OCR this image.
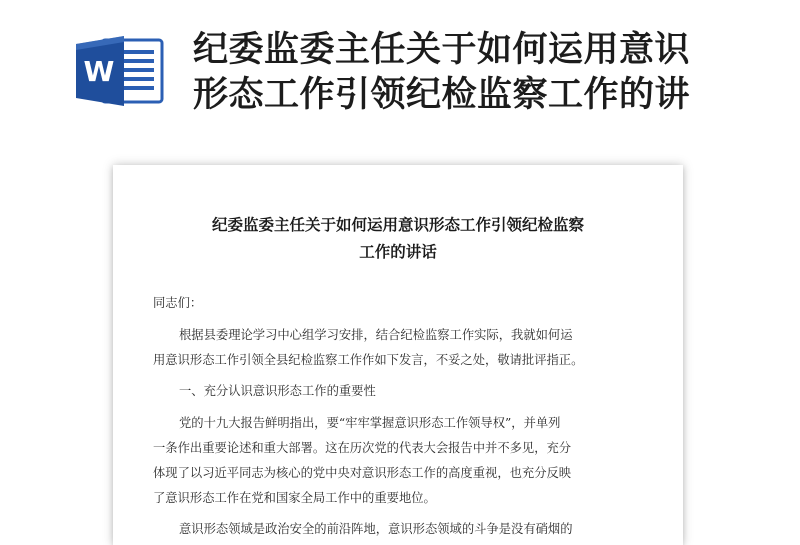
W
纪委监委主任关于如何运用意识
形态工作引领纪检监察工作的讲
纪委监委主任关于如何运用意识形态工作引领纪检监察
工作的讲话
同志们：
根据县委理论学习中心组学习安排，结合纪检监察工作实际，我就如何运
用意识形态工作引领全县纪检监察工作作如下发言，不妥之处，敬请批评指正。
一、充分认识意识形态工作的重要性
党的十九大报告鲜明指出，要“牢牢掌握意识形态工作领导权”，并单列
一条作出重要论述和重大部署。这在历次党的代表大会报告中并不多见，充分
体现了以习近平同志为核心的党中央对意识形态工作的高度重视，也充分反映
了意识形态工作在党和国家全局工作中的重要地位。
意识形态领域是政治安全的前沿阵地，意识形态领域的斗争是没有硝烟的
